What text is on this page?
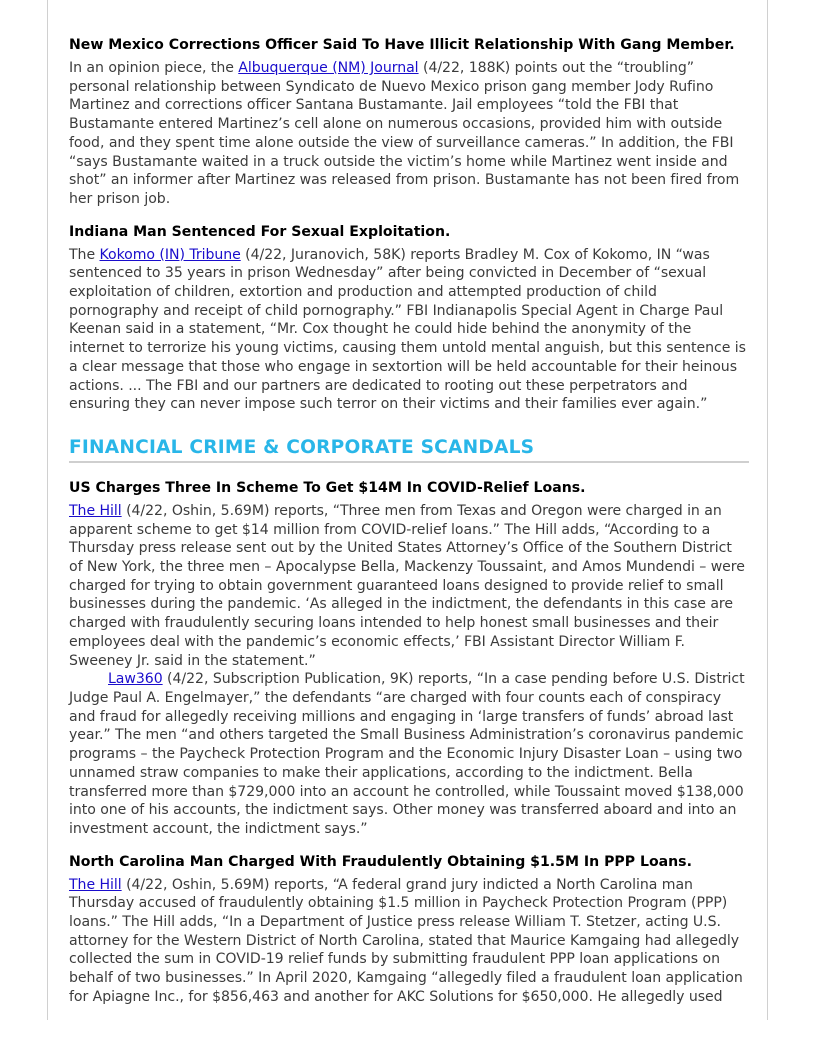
New Mexico Corrections Officer Said To Have Illicit Relationship With Gang Member.

In an opinion piece, the Albuquerque (NM) Journal (4/22, 188K) points out the “troubling” personal relationship between Syndicato de Nuevo Mexico prison gang member Jody Rufino Martinez and corrections officer Santana Bustamante. Jail employees “told the FBI that Bustamante entered Martinez’s cell alone on numerous occasions, provided him with outside food, and they spent time alone outside the view of surveillance cameras.” In addition, the FBI “says Bustamante waited in a truck outside the victim’s home while Martinez went inside and shot” an informer after Martinez was released from prison. Bustamante has not been fired from her prison job.

Indiana Man Sentenced For Sexual Exploitation.

The Kokomo (IN) Tribune (4/22, Juranovich, 58K) reports Bradley M. Cox of Kokomo, IN “was sentenced to 35 years in prison Wednesday” after being convicted in December of “sexual exploitation of children, extortion and production and attempted production of child pornography and receipt of child pornography.” FBI Indianapolis Special Agent in Charge Paul Keenan said in a statement, “Mr. Cox thought he could hide behind the anonymity of the internet to terrorize his young victims, causing them untold mental anguish, but this sentence is a clear message that those who engage in sextortion will be held accountable for their heinous actions. ... The FBI and our partners are dedicated to rooting out these perpetrators and ensuring they can never impose such terror on their victims and their families ever again.”

FINANCIAL CRIME & CORPORATE SCANDALS
US Charges Three In Scheme To Get $14M In COVID-Relief Loans.

The Hill (4/22, Oshin, 5.69M) reports, “Three men from Texas and Oregon were charged in an apparent scheme to get $14 million from COVID-relief loans.” The Hill adds, “According to a Thursday press release sent out by the United States Attorney’s Office of the Southern District of New York, the three men – Apocalypse Bella, Mackenzy Toussaint, and Amos Mundendi – were charged for trying to obtain government guaranteed loans designed to provide relief to small businesses during the pandemic. ‘As alleged in the indictment, the defendants in this case are charged with fraudulently securing loans intended to help honest small businesses and their employees deal with the pandemic’s economic effects,’ FBI Assistant Director William F. Sweeney Jr. said in the statement.”

Law360 (4/22, Subscription Publication, 9K) reports, “In a case pending before U.S. District Judge Paul A. Engelmayer,” the defendants “are charged with four counts each of conspiracy and fraud for allegedly receiving millions and engaging in ‘large transfers of funds’ abroad last year.” The men “and others targeted the Small Business Administration’s coronavirus pandemic programs – the Paycheck Protection Program and the Economic Injury Disaster Loan – using two unnamed straw companies to make their applications, according to the indictment. Bella transferred more than $729,000 into an account he controlled, while Toussaint moved $138,000 into one of his accounts, the indictment says. Other money was transferred aboard and into an investment account, the indictment says.”

North Carolina Man Charged With Fraudulently Obtaining $1.5M In PPP Loans.

The Hill (4/22, Oshin, 5.69M) reports, “A federal grand jury indicted a North Carolina man Thursday accused of fraudulently obtaining $1.5 million in Paycheck Protection Program (PPP) loans.” The Hill adds, “In a Department of Justice press release William T. Stetzer, acting U.S. attorney for the Western District of North Carolina, stated that Maurice Kamgaing had allegedly collected the sum in COVID-19 relief funds by submitting fraudulent PPP loan applications on behalf of two businesses.” In April 2020, Kamgaing “allegedly filed a fraudulent loan application for Apiagne Inc., for $856,463 and another for AKC Solutions for $650,000. He allegedly used
